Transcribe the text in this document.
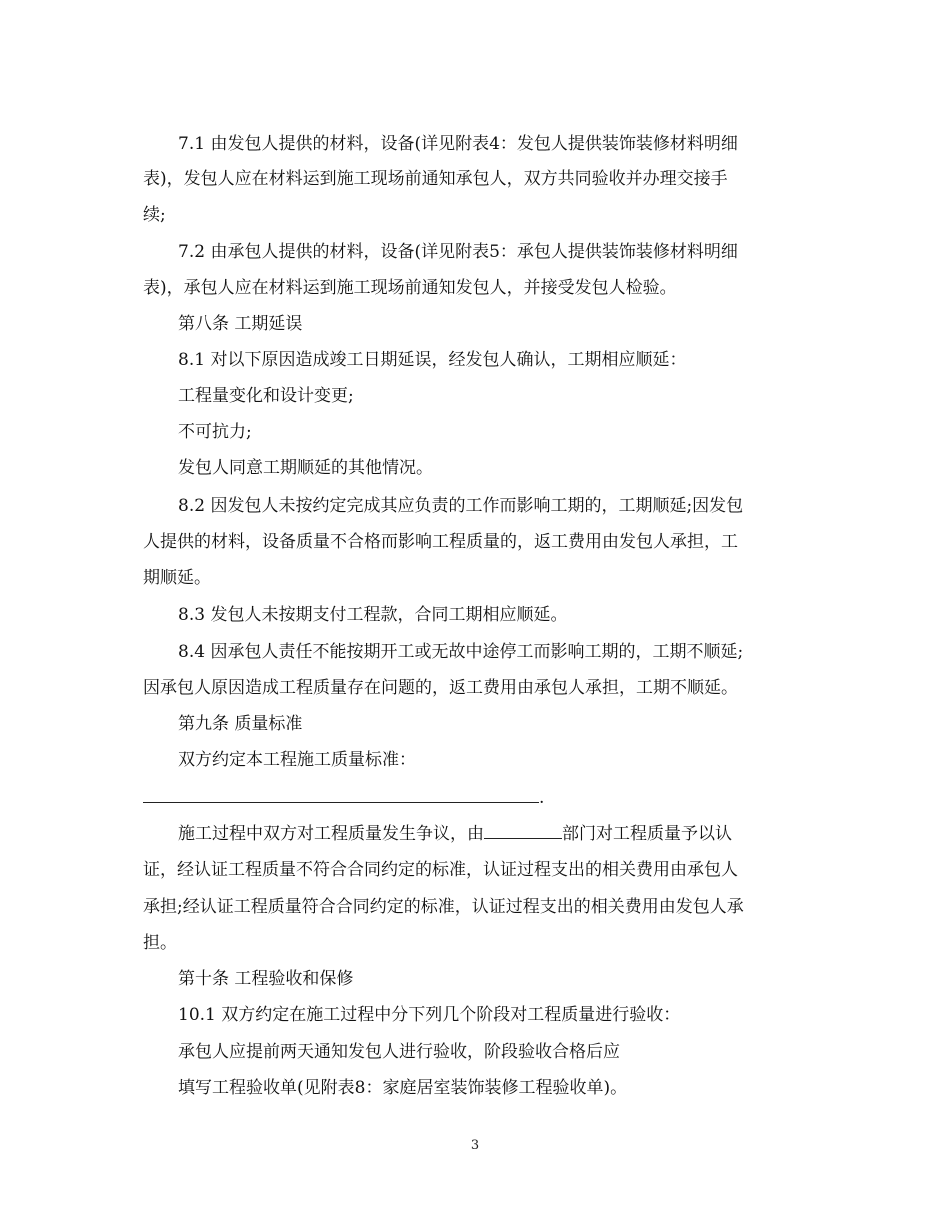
7.1 由发包人提供的材料，设备(详见附表4：发包人提供装饰装修材料明细
表)，发包人应在材料运到施工现场前通知承包人，双方共同验收并办理交接手
续;
7.2 由承包人提供的材料，设备(详见附表5：承包人提供装饰装修材料明细
表)，承包人应在材料运到施工现场前通知发包人，并接受发包人检验。
第八条 工期延误
8.1 对以下原因造成竣工日期延误，经发包人确认，工期相应顺延：
工程量变化和设计变更;
不可抗力;
发包人同意工期顺延的其他情况。
8.2 因发包人未按约定完成其应负责的工作而影响工期的，工期顺延;因发包
人提供的材料，设备质量不合格而影响工程质量的，返工费用由发包人承担，工
期顺延。
8.3 发包人未按期支付工程款，合同工期相应顺延。
8.4 因承包人责任不能按期开工或无故中途停工而影响工期的，工期不顺延;
因承包人原因造成工程质量存在问题的，返工费用由承包人承担，工期不顺延。
第九条 质量标准
双方约定本工程施工质量标准：
.
施工过程中双方对工程质量发生争议，由	部门对工程质量予以认
证，经认证工程质量不符合合同约定的标准，认证过程支出的相关费用由承包人
承担;经认证工程质量符合合同约定的标准，认证过程支出的相关费用由发包人承
担。
第十条 工程验收和保修
10.1 双方约定在施工过程中分下列几个阶段对工程质量进行验收：
承包人应提前两天通知发包人进行验收，阶段验收合格后应
填写工程验收单(见附表8：家庭居室装饰装修工程验收单)。
3
